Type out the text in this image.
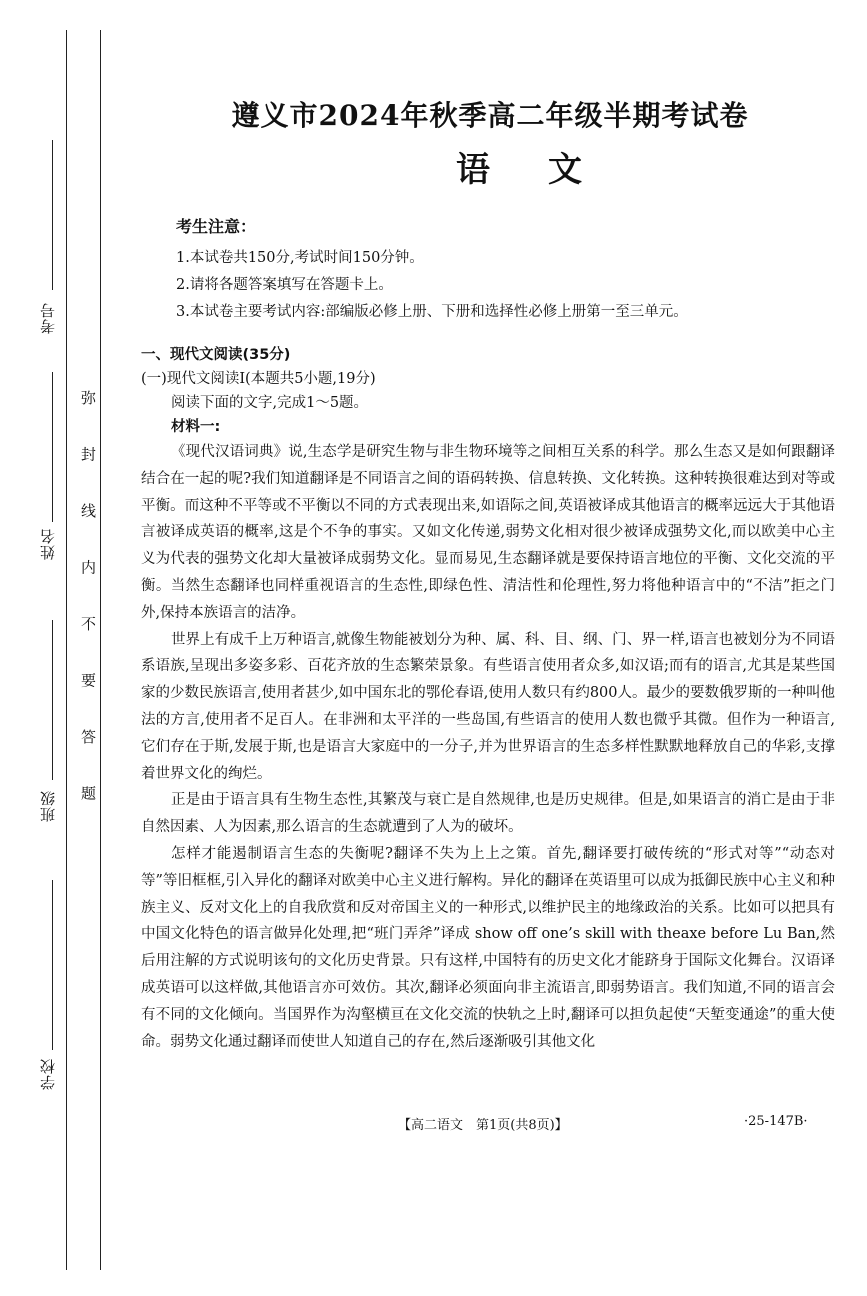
考号
姓名
班级
学校
弥封线内不要答题
遵义市2024年秋季高二年级半期考试卷
语文
考生注意：
1.本试卷共150分,考试时间150分钟。
2.请将各题答案填写在答题卡上。
3.本试卷主要考试内容:部编版必修上册、下册和选择性必修上册第一至三单元。
一、现代文阅读(35分)
(一)现代文阅读Ⅰ(本题共5小题,19分)
阅读下面的文字,完成1～5题。
材料一:

《现代汉语词典》说,生态学是研究生物与非生物环境等之间相互关系的科学。那么生态又是如何跟翻译结合在一起的呢?我们知道翻译是不同语言之间的语码转换、信息转换、文化转换。这种转换很难达到对等或平衡。而这种不平等或不平衡以不同的方式表现出来,如语际之间,英语被译成其他语言的概率远远大于其他语言被译成英语的概率,这是个不争的事实。又如文化传递,弱势文化相对很少被译成强势文化,而以欧美中心主义为代表的强势文化却大量被译成弱势文化。显而易见,生态翻译就是要保持语言地位的平衡、文化交流的平衡。当然生态翻译也同样重视语言的生态性,即绿色性、清洁性和伦理性,努力将他种语言中的“不洁”拒之门外,保持本族语言的洁净。

世界上有成千上万种语言,就像生物能被划分为种、属、科、目、纲、门、界一样,语言也被划分为不同语系语族,呈现出多姿多彩、百花齐放的生态繁荣景象。有些语言使用者众多,如汉语;而有的语言,尤其是某些国家的少数民族语言,使用者甚少,如中国东北的鄂伦春语,使用人数只有约800人。最少的要数俄罗斯的一种叫他法的方言,使用者不足百人。在非洲和太平洋的一些岛国,有些语言的使用人数也微乎其微。但作为一种语言,它们存在于斯,发展于斯,也是语言大家庭中的一分子,并为世界语言的生态多样性默默地释放自己的华彩,支撑着世界文化的绚烂。

正是由于语言具有生物生态性,其繁茂与衰亡是自然规律,也是历史规律。但是,如果语言的消亡是由于非自然因素、人为因素,那么语言的生态就遭到了人为的破坏。

怎样才能遏制语言生态的失衡呢?翻译不失为上上之策。首先,翻译要打破传统的“形式对等”“动态对等”等旧框框,引入异化的翻译对欧美中心主义进行解构。异化的翻译在英语里可以成为抵御民族中心主义和种族主义、反对文化上的自我欣赏和反对帝国主义的一种形式,以维护民主的地缘政治的关系。比如可以把具有中国文化特色的语言做异化处理,把“班门弄斧”译成 show off one’s skill with theaxe before Lu Ban,然后用注解的方式说明该句的文化历史背景。只有这样,中国特有的历史文化才能跻身于国际文化舞台。汉语译成英语可以这样做,其他语言亦可效仿。其次,翻译必须面向非主流语言,即弱势语言。我们知道,不同的语言会有不同的文化倾向。当国界作为沟壑横亘在文化交流的快轨之上时,翻译可以担负起使“天堑变通途”的重大使命。弱势文化通过翻译而使世人知道自己的存在,然后逐渐吸引其他文化

【高二语文　第1页(共8页)】	·25-147B·
